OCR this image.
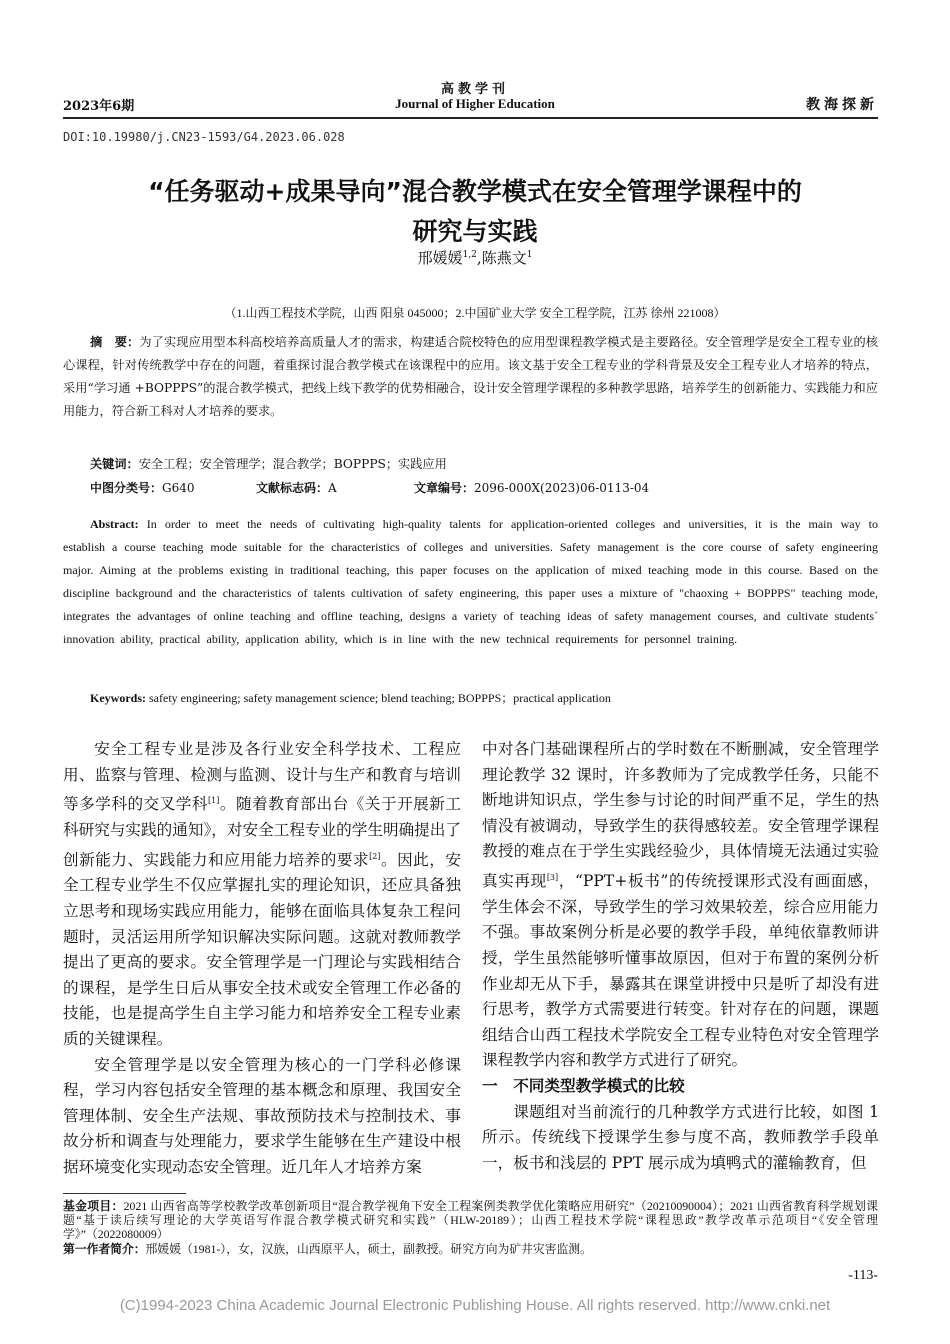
高教学刊
2023年6期	Journal of Higher Education	教海探新
DOI:10.19980/j.CN23-1593/G4.2023.06.028
“任务驱动+成果导向”混合教学模式在安全管理学课程中的
研究与实践
邢媛媛$^{1,2}$,陈燕文$^1$
（1.山西工程技术学院，山西 阳泉 045000；2.中国矿业大学 安全工程学院，江苏 徐州 221008）
摘　要：为了实现应用型本科高校培养高质量人才的需求，构建适合院校特色的应用型课程教学模式是主要路径。安全管理学是安全工程专业的核心课程，针对传统教学中存在的问题，着重探讨混合教学模式在该课程中的应用。该文基于安全工程专业的学科背景及安全工程专业人才培养的特点，采用“学习通 +BOPPPS”的混合教学模式，把线上线下教学的优势相融合，设计安全管理学课程的多种教学思路，培养学生的创新能力、实践能力和应用能力，符合新工科对人才培养的要求。
关键词：安全工程；安全管理学；混合教学；BOPPPS；实践应用
中图分类号：G640	文献标志码：A	文章编号：2096-000X(2023)06-0113-04
Abstract: In order to meet the needs of cultivating high-quality talents for application-oriented colleges and universities, it is the main way to establish a course teaching mode suitable for the characteristics of colleges and universities. Safety management is the core course of safety engineering major. Aiming at the problems existing in traditional teaching, this paper focuses on the application of mixed teaching mode in this course. Based on the discipline background and the characteristics of talents cultivation of safety engineering, this paper uses a mixture of "chaoxing + BOPPPS" teaching mode, integrates the advantages of online teaching and offline teaching, designs a variety of teaching ideas of safety management courses, and cultivate students´ innovation ability, practical ability, application ability, which is in line with the new technical requirements for personnel training.
Keywords: safety engineering; safety management science; blend teaching; BOPPPS；practical application

安全工程专业是涉及各行业安全科学技术、工程应用、监察与管理、检测与监测、设计与生产和教育与培训等多学科的交叉学科[1]。随着教育部出台《关于开展新工科研究与实践的通知》，对安全工程专业的学生明确提出了创新能力、实践能力和应用能力培养的要求[2]。因此，安全工程专业学生不仅应掌握扎实的理论知识，还应具备独立思考和现场实践应用能力，能够在面临具体复杂工程问题时，灵活运用所学知识解决实际问题。这就对教师教学提出了更高的要求。安全管理学是一门理论与实践相结合的课程，是学生日后从事安全技术或安全管理工作必备的技能，也是提高学生自主学习能力和培养安全工程专业素质的关键课程。

安全管理学是以安全管理为核心的一门学科必修课程，学习内容包括安全管理的基本概念和原理、我国安全管理体制、安全生产法规、事故预防技术与控制技术、事故分析和调查与处理能力，要求学生能够在生产建设中根据环境变化实现动态安全管理。近几年人才培养方案

中对各门基础课程所占的学时数在不断删减，安全管理学理论教学 32 课时，许多教师为了完成教学任务，只能不断地讲知识点，学生参与讨论的时间严重不足，学生的热情没有被调动，导致学生的获得感较差。安全管理学课程教授的难点在于学生实践经验少，具体情境无法通过实验真实再现[3]，“PPT+板书”的传统授课形式没有画面感，学生体会不深，导致学生的学习效果较差，综合应用能力不强。事故案例分析是必要的教学手段，单纯依靠教师讲授，学生虽然能够听懂事故原因，但对于布置的案例分析作业却无从下手，暴露其在课堂讲授中只是听了却没有进行思考，教学方式需要进行转变。针对存在的问题，课题组结合山西工程技术学院安全工程专业特色对安全管理学课程教学内容和教学方式进行了研究。

一　不同类型教学模式的比较

课题组对当前流行的几种教学方式进行比较，如图 1 所示。传统线下授课学生参与度不高，教师教学手段单一，板书和浅层的 PPT 展示成为填鸭式的灌输教育，但

基金项目：2021 山西省高等学校教学改革创新项目“混合教学视角下安全工程案例类教学优化策略应用研究”（20210090004）；2021 山西省教育科学规划课题“基于读后续写理论的大学英语写作混合教学模式研究和实践”（HLW-20189）；山西工程技术学院“课程思政”教学改革示范项目“《安全管理学》”（2022080009）

第一作者简介：邢媛媛（1981-），女，汉族，山西原平人，硕士，副教授。研究方向为矿井灾害监测。

-113-
(C)1994-2023 China Academic Journal Electronic Publishing House. All rights reserved. http://www.cnki.net
